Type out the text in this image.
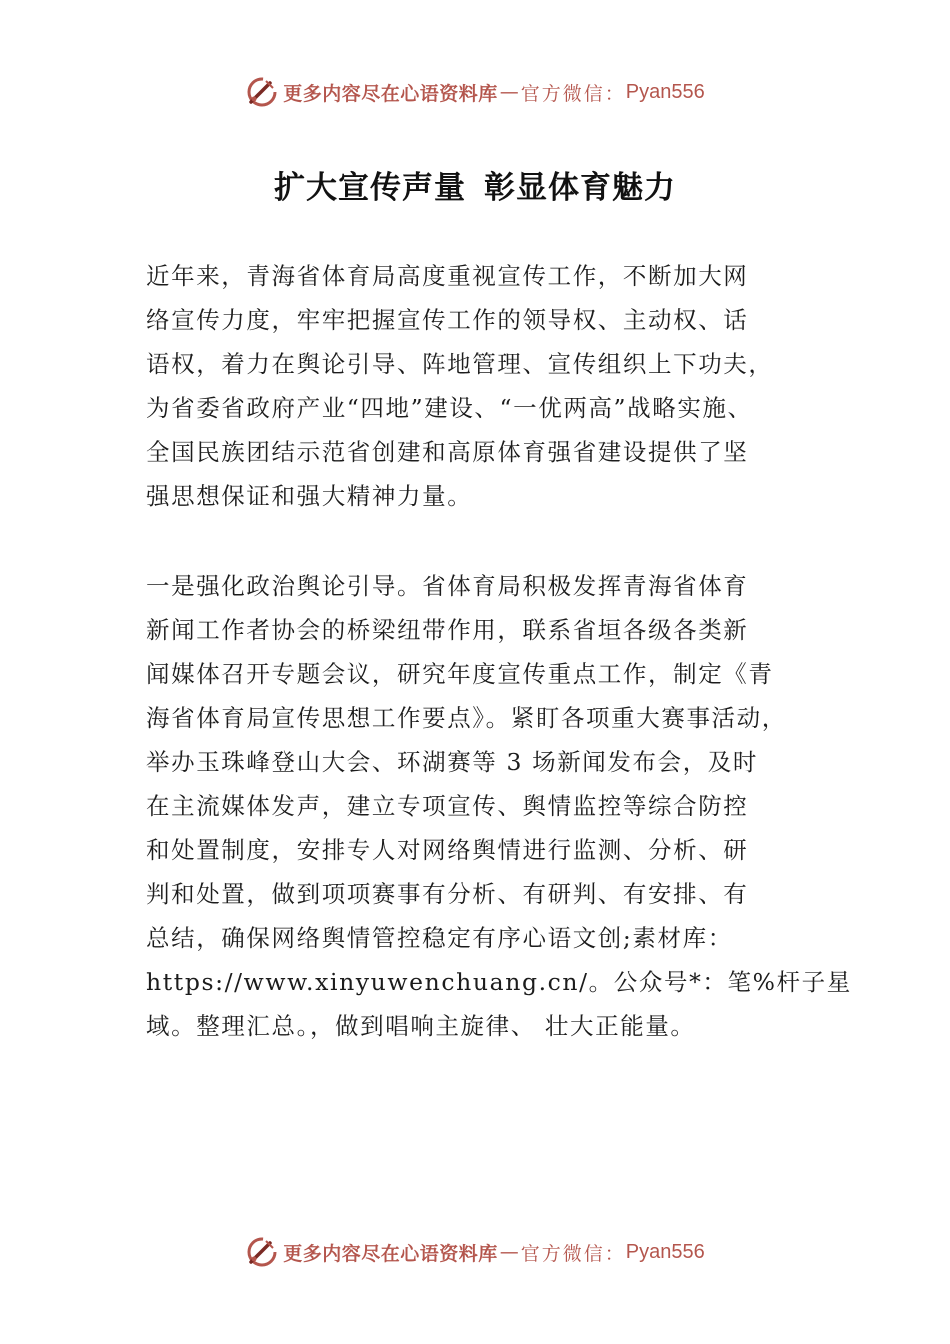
更多内容尽在心语资料库 — 官方微信： Pyan556
扩大宣传声量 彰显体育魅力
近年来，青海省体育局高度重视宣传工作，不断加大网
络宣传力度，牢牢把握宣传工作的领导权、主动权、话
语权，着力在舆论引导、阵地管理、宣传组织上下功夫，
为省委省政府产业“四地”建设、“一优两高”战略实施、
全国民族团结示范省创建和高原体育强省建设提供了坚
强思想保证和强大精神力量。
一是强化政治舆论引导。省体育局积极发挥青海省体育
新闻工作者协会的桥梁纽带作用，联系省垣各级各类新
闻媒体召开专题会议，研究年度宣传重点工作，制定《青
海省体育局宣传思想工作要点》。紧盯各项重大赛事活动，
举办玉珠峰登山大会、环湖赛等 3 场新闻发布会，及时
在主流媒体发声，建立专项宣传、舆情监控等综合防控
和处置制度，安排专人对网络舆情进行监测、分析、研
判和处置，做到项项赛事有分析、有研判、有安排、有
总结，确保网络舆情管控稳定有序心语文创;素材库：
https://www.xinyuwenchuang.cn/。公众号*：笔%杆子星
域。整理汇总。，做到唱响主旋律、 壮大正能量。
更多内容尽在心语资料库 — 官方微信： Pyan556
